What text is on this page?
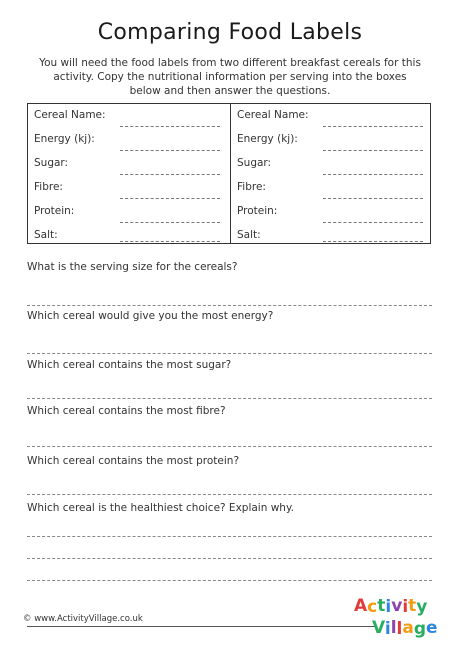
Comparing Food Labels
You will need the food labels from two different breakfast cereals for this activity. Copy the nutritional information per serving into the boxes below and then answer the questions.
Cereal Name:
Energy (kj):
Sugar:
Fibre:
Protein:
Salt:
Cereal Name:
Energy (kj):
Sugar:
Fibre:
Protein:
Salt:
What is the serving size for the cereals?
Which cereal would give you the most energy?
Which cereal contains the most sugar?
Which cereal contains the most fibre?
Which cereal contains the most protein?
Which cereal is the healthiest choice? Explain why.
© www.ActivityVillage.co.uk
Activity
Village
